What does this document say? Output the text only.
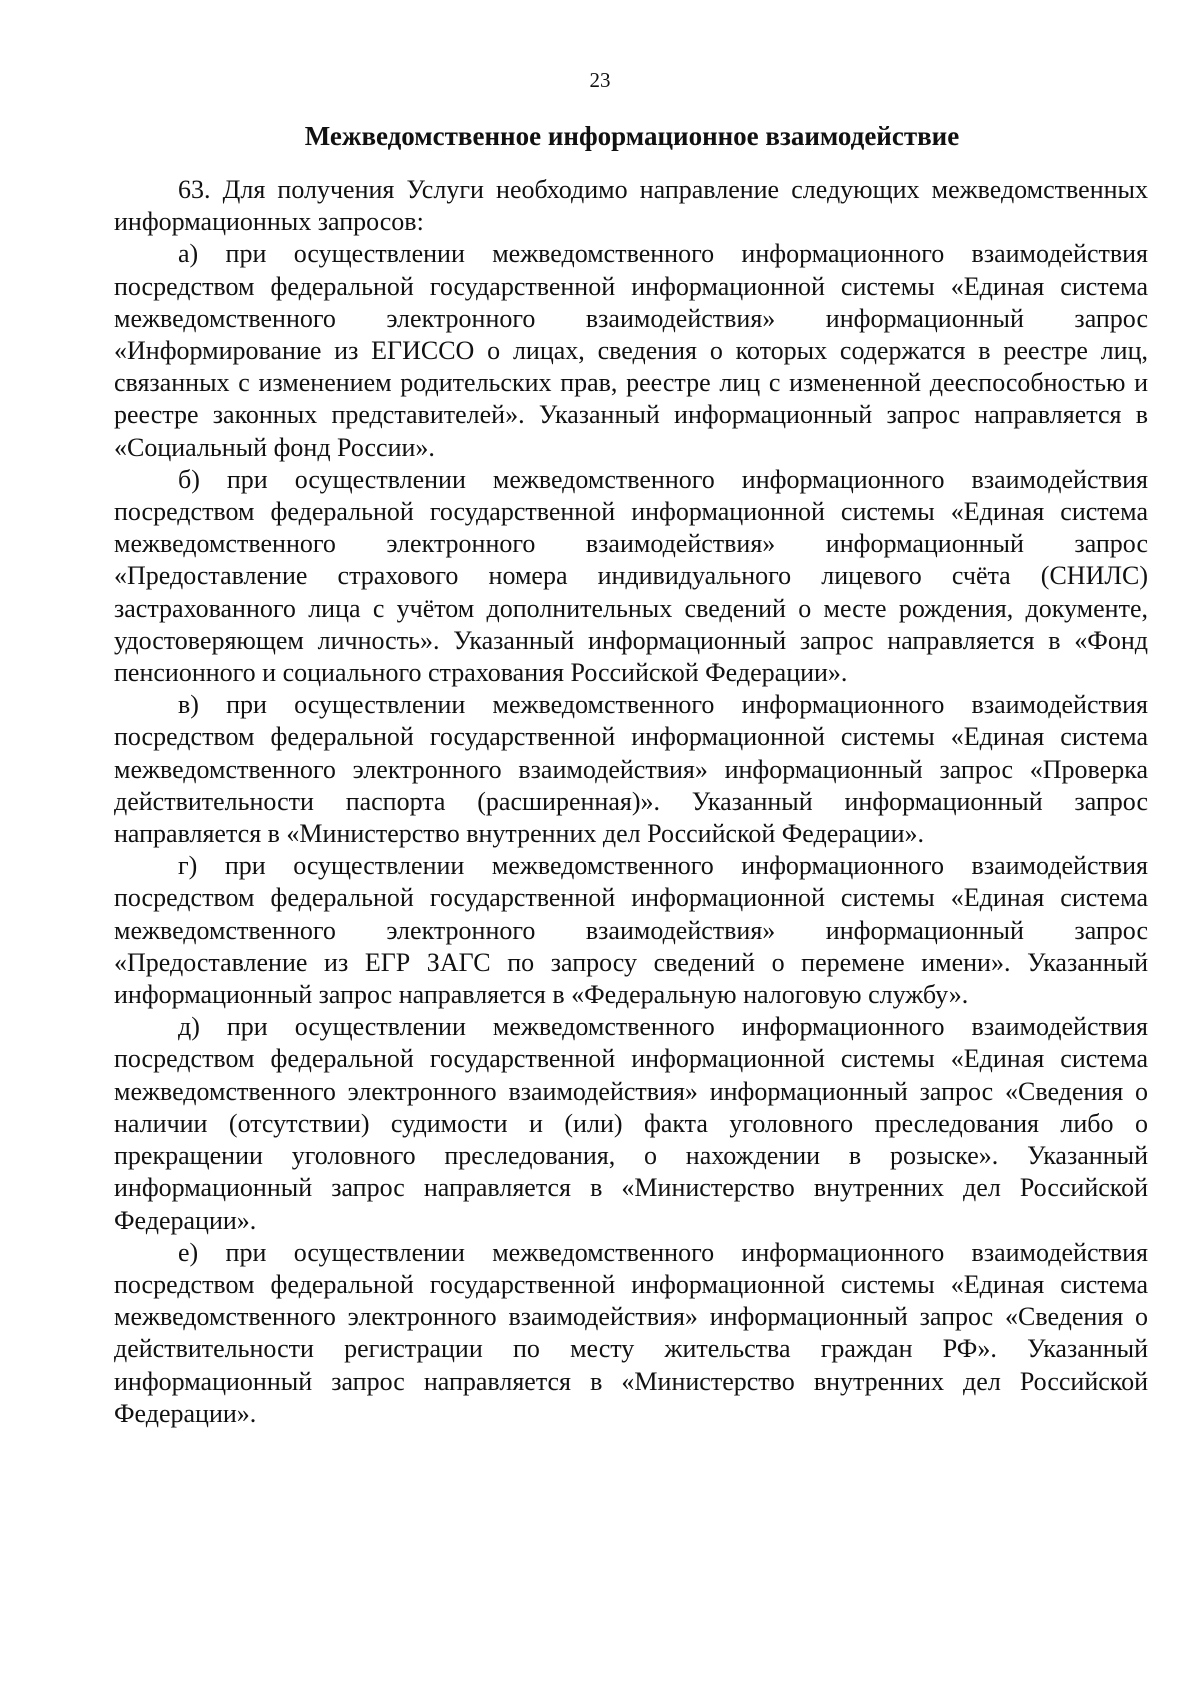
23
Межведомственное информационное взаимодействие

63. Для получения Услуги необходимо направление следующих межведомственных информационных запросов:

а) при осуществлении межведомственного информационного взаимодействия посредством федеральной государственной информационной системы «Единая система межведомственного электронного взаимодействия» информационный запрос «Информирование из ЕГИССО о лицах, сведения о которых содержатся в реестре лиц, связанных с изменением родительских прав, реестре лиц с измененной дееспособностью и реестре законных представителей». Указанный информационный запрос направляется в «Социальный фонд России».

б) при осуществлении межведомственного информационного взаимодействия посредством федеральной государственной информационной системы «Единая система межведомственного электронного взаимодействия» информационный запрос «Предоставление страхового номера индивидуального лицевого счёта (СНИЛС) застрахованного лица с учётом дополнительных сведений о месте рождения, документе, удостоверяющем личность». Указанный информационный запрос направляется в «Фонд пенсионного и социального страхования Российской Федерации».

в) при осуществлении межведомственного информационного взаимодействия посредством федеральной государственной информационной системы «Единая система межведомственного электронного взаимодействия» информационный запрос «Проверка действительности паспорта (расширенная)». Указанный информационный запрос направляется в «Министерство внутренних дел Российской Федерации».

г) при осуществлении межведомственного информационного взаимодействия посредством федеральной государственной информационной системы «Единая система межведомственного электронного взаимодействия» информационный запрос «Предоставление из ЕГР ЗАГС по запросу сведений о перемене имени». Указанный информационный запрос направляется в «Федеральную налоговую службу».

д) при осуществлении межведомственного информационного взаимодействия посредством федеральной государственной информационной системы «Единая система межведомственного электронного взаимодействия» информационный запрос «Сведения о наличии (отсутствии) судимости и (или) факта уголовного преследования либо о прекращении уголовного преследования, о нахождении в розыске». Указанный информационный запрос направляется в «Министерство внутренних дел Российской Федерации».

е) при осуществлении межведомственного информационного взаимодействия посредством федеральной государственной информационной системы «Единая система межведомственного электронного взаимодействия» информационный запрос «Сведения о действительности регистрации по месту жительства граждан РФ». Указанный информационный запрос направляется в «Министерство внутренних дел Российской Федерации».
